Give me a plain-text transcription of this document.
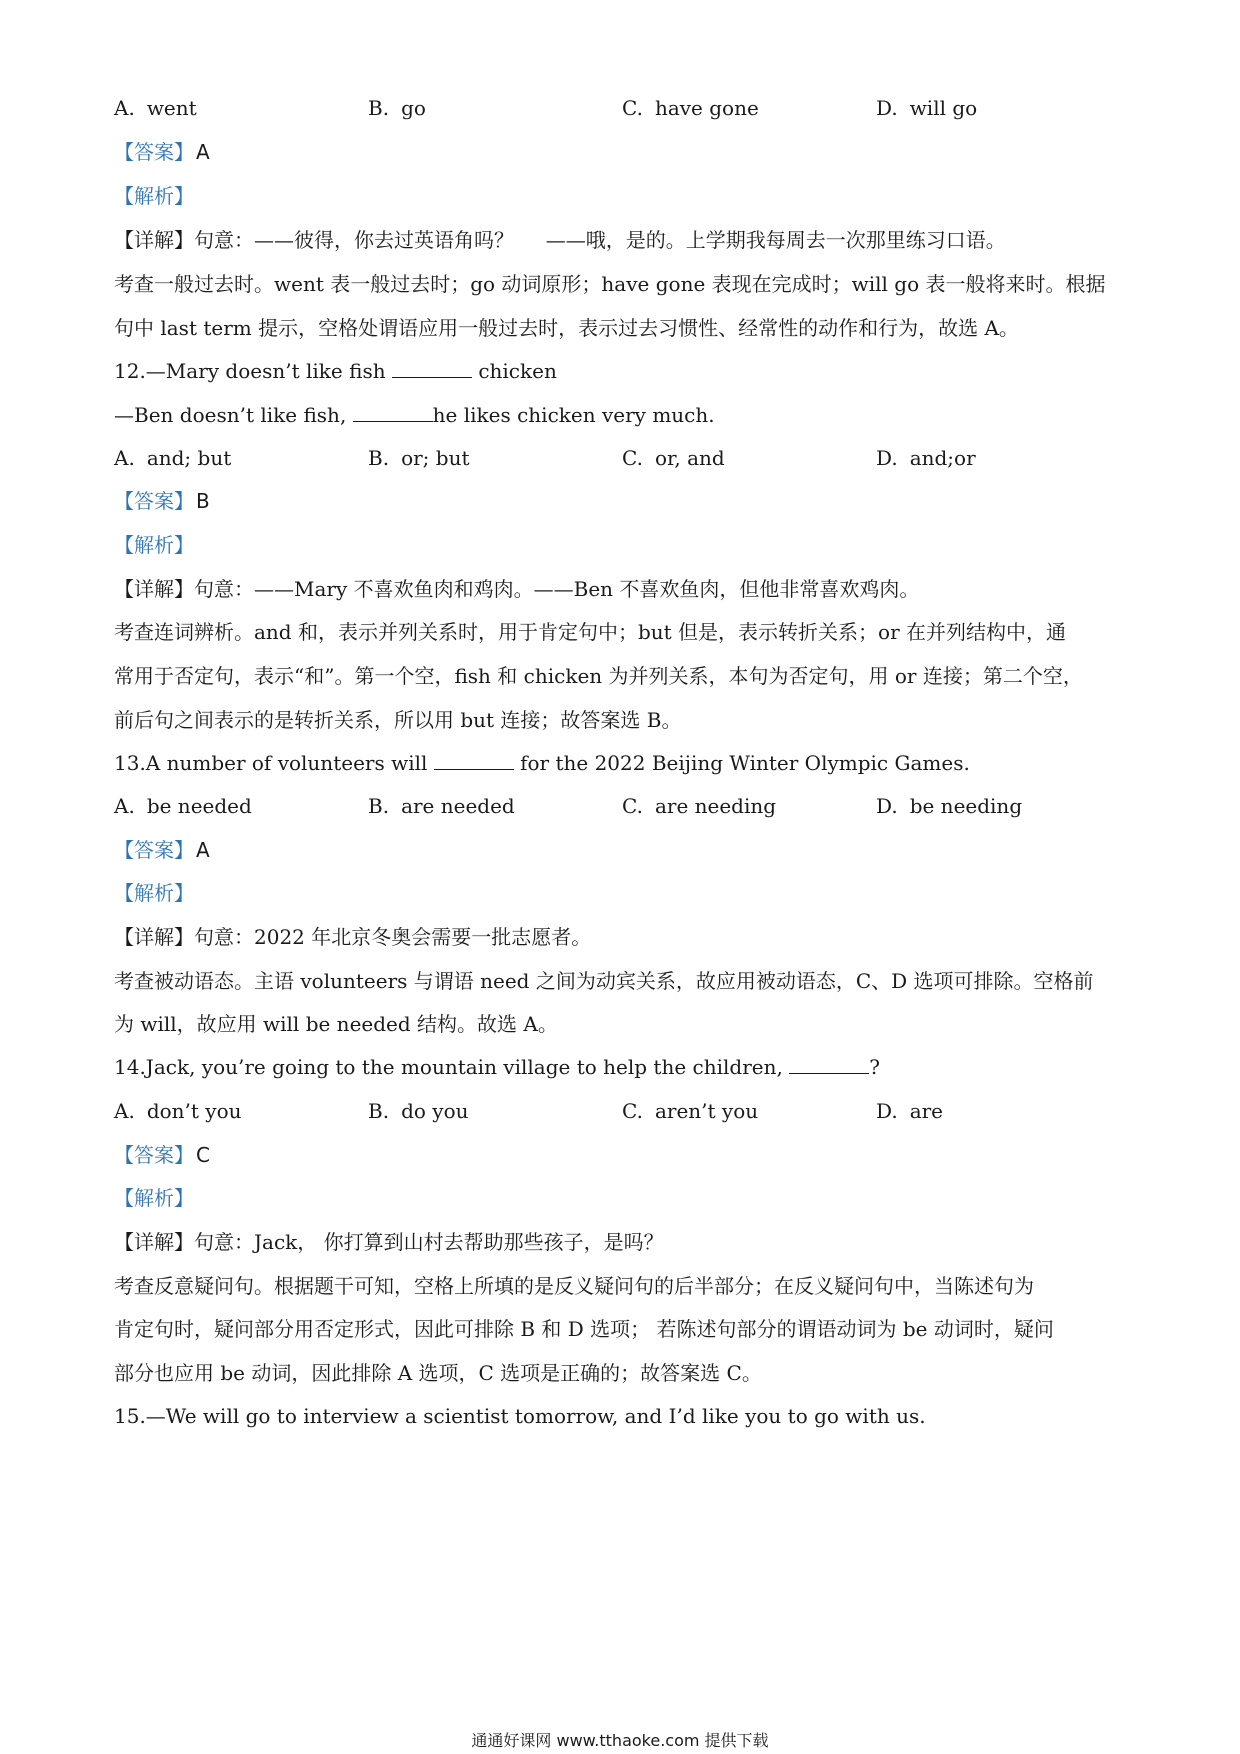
A. went	B. go	C. have gone	D. will go
【答案】 A
【解析】
【详解】句意：——彼得，你去过英语角吗？     ——哦，是的。上学期我每周去一次那里练习口语。
考查一般过去时。went 表一般过去时；go 动词原形；have gone 表现在完成时；will go 表一般将来时。根据
句中 last term 提示，空格处谓语应用一般过去时，表示过去习惯性、经常性的动作和行为，故选 A。
12.—Mary doesn’t like fish	chicken
—Ben doesn’t like fish,	he likes chicken very much.
A. and; but	B. or; but	C. or, and	D. and;or
【答案】 B
【解析】
【详解】句意：——Mary 不喜欢鱼肉和鸡肉。——Ben 不喜欢鱼肉，但他非常喜欢鸡肉。
考查连词辨析。and 和，表示并列关系时，用于肯定句中；but 但是，表示转折关系；or 在并列结构中，通
常用于否定句，表示“和”。第一个空，fish 和 chicken 为并列关系，本句为否定句，用 or 连接；第二个空，
前后句之间表示的是转折关系，所以用 but 连接；故答案选 B。
13.A number of volunteers will	for the 2022 Beijing Winter Olympic Games.
A. be needed	B. are needed	C. are needing	D. be needing
【答案】 A
【解析】
【详解】句意：2022 年北京冬奥会需要一批志愿者。
考查被动语态。主语 volunteers 与谓语 need 之间为动宾关系，故应用被动语态，C、D 选项可排除。空格前
为 will，故应用 will be needed 结构。故选 A。
14.Jack, you’re going to the mountain village to help the children,	?
A. don’t you	B. do you	C. aren’t you	D. are
【答案】 C
【解析】
【详解】句意：Jack， 你打算到山村去帮助那些孩子，是吗？
考查反意疑问句。根据题干可知，空格上所填的是反义疑问句的后半部分；在反义疑问句中，当陈述句为
肯定句时，疑问部分用否定形式，因此可排除 B 和 D 选项； 若陈述句部分的谓语动词为 be 动词时，疑问
部分也应用 be 动词，因此排除 A 选项，C 选项是正确的；故答案选 C。
15.—We will go to interview a scientist tomorrow, and I’d like you to go with us.
通通好课网 www.tthaoke.com 提供下载
